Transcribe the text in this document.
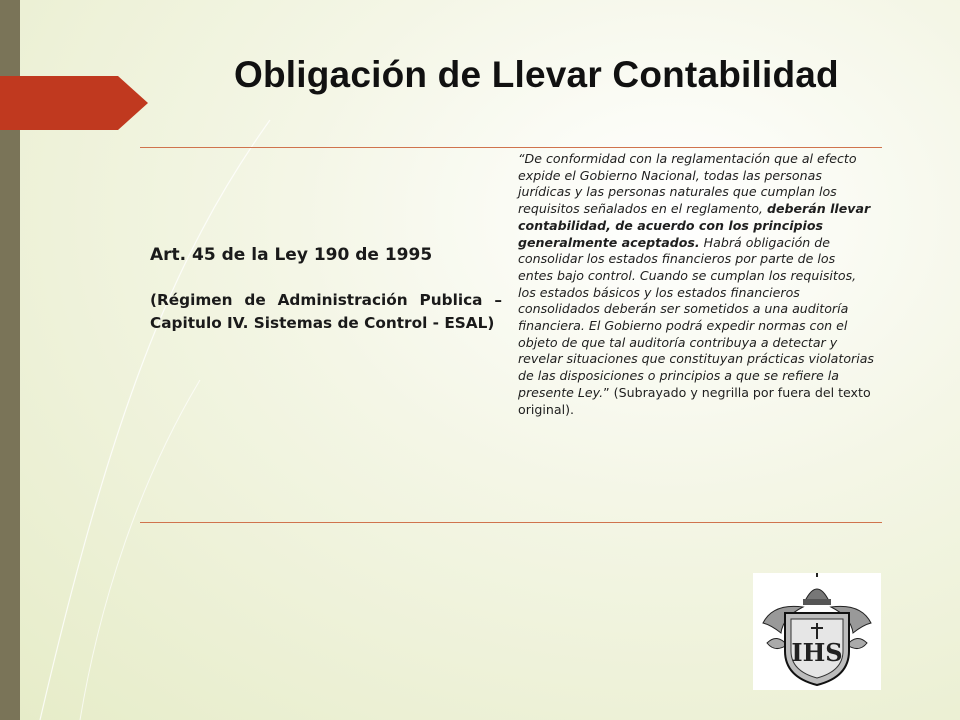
Obligación de Llevar Contabilidad

Art. 45 de la Ley 190 de 1995

(Régimen de Administración Publica – Capitulo IV. Sistemas de Control - ESAL)

“De conformidad con la reglamentación que al efecto expide el Gobierno Nacional, todas las personas jurídicas y las personas naturales que cumplan los requisitos señalados en el reglamento, deberán llevar contabilidad, de acuerdo con los principios generalmente aceptados. Habrá obligación de consolidar los estados financieros por parte de los entes bajo control. Cuando se cumplan los requisitos, los estados básicos y los estados financieros consolidados deberán ser sometidos a una auditoría financiera. El Gobierno podrá expedir normas con el objeto de que tal auditoría contribuya a detectar y revelar situaciones que constituyan prácticas violatorias de las disposiciones o principios a que se refiere la presente Ley.” (Subrayado y negrilla por fuera del texto original).

IHS
